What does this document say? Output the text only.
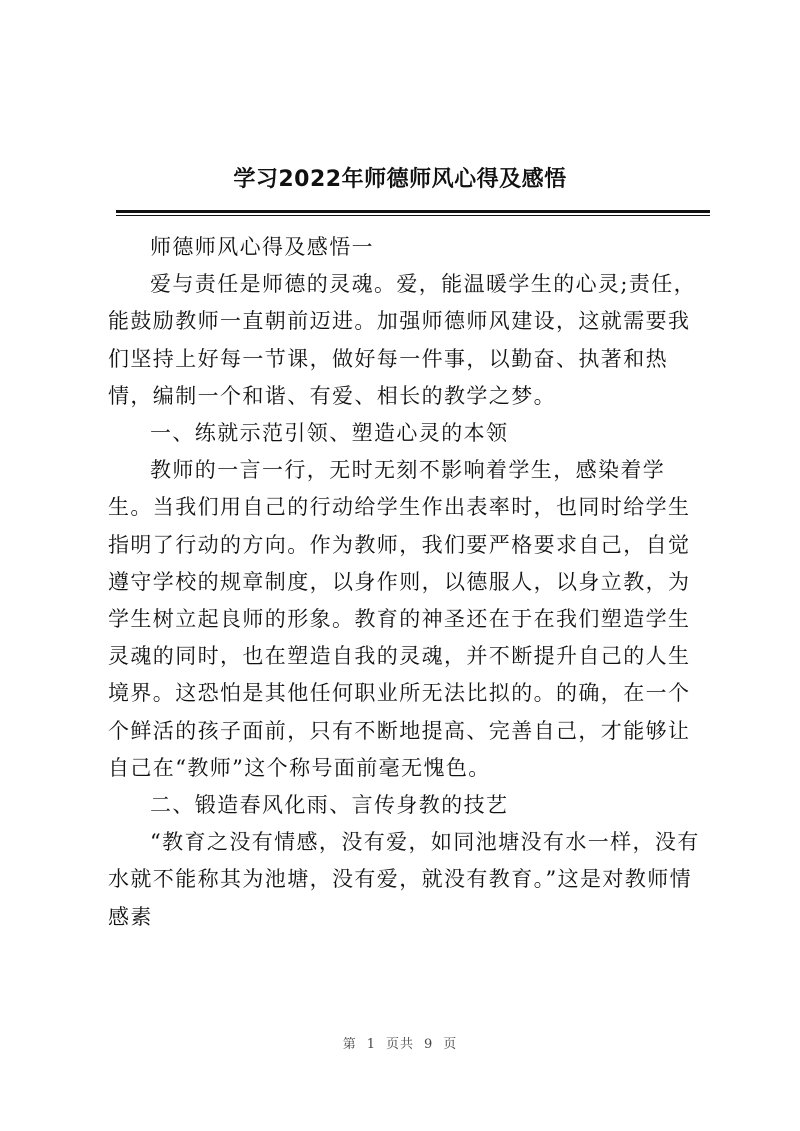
学习2022年师德师风心得及感悟

师德师风心得及感悟一

爱与责任是师德的灵魂。爱，能温暖学生的心灵;责任，能鼓励教师一直朝前迈进。加强师德师风建设，这就需要我们坚持上好每一节课，做好每一件事，以勤奋、执著和热情，编制一个和谐、有爱、相长的教学之梦。

一、练就示范引领、塑造心灵的本领

教师的一言一行，无时无刻不影响着学生，感染着学生。当我们用自己的行动给学生作出表率时，也同时给学生指明了行动的方向。作为教师，我们要严格要求自己，自觉遵守学校的规章制度，以身作则，以德服人，以身立教，为学生树立起良师的形象。教育的神圣还在于在我们塑造学生灵魂的同时，也在塑造自我的灵魂，并不断提升自己的人生境界。这恐怕是其他任何职业所无法比拟的。的确，在一个个鲜活的孩子面前，只有不断地提高、完善自己，才能够让自己在“教师”这个称号面前毫无愧色。

二、锻造春风化雨、言传身教的技艺

“教育之没有情感，没有爱，如同池塘没有水一样，没有水就不能称其为池塘，没有爱，就没有教育。”这是对教师情感素

第 1 页共 9 页
